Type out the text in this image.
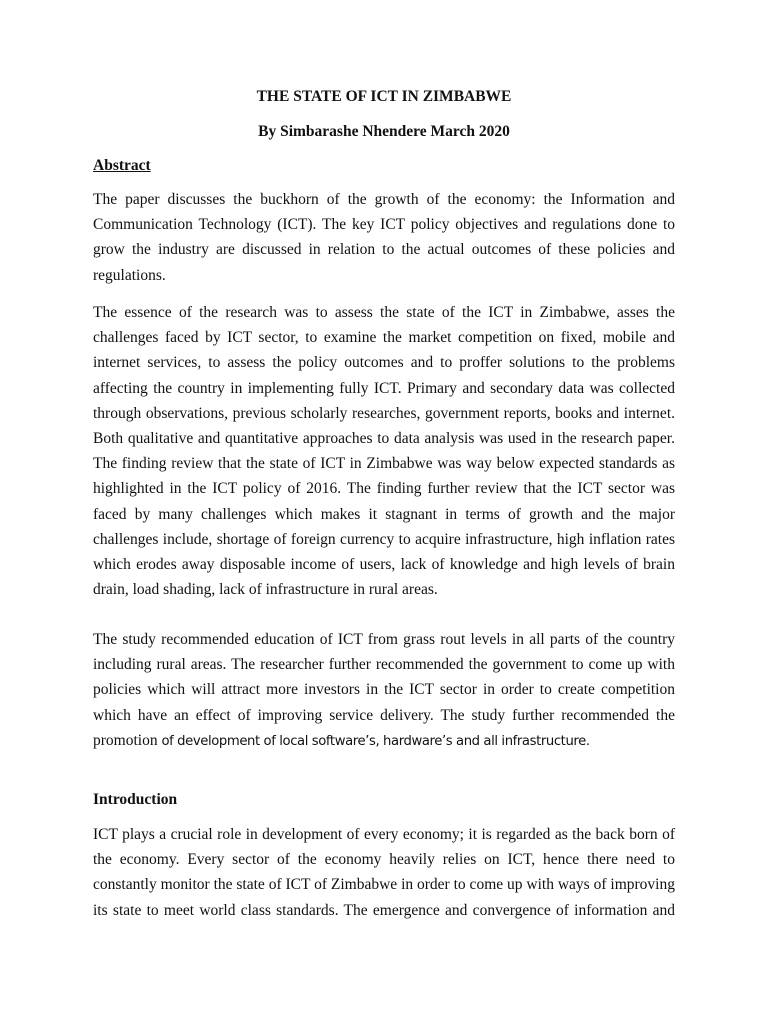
THE STATE OF ICT IN ZIMBABWE
By Simbarashe Nhendere March 2020
Abstract
The paper discusses the buckhorn of the growth of the economy: the Information and Communication Technology (ICT). The key ICT policy objectives and regulations done to grow the industry are discussed in relation to the actual outcomes of these policies and regulations.
The essence of the research was to assess the state of the ICT in Zimbabwe, asses the challenges faced by ICT sector, to examine the market competition on fixed, mobile and internet services, to assess the policy outcomes and to proffer solutions to the problems affecting the country in implementing fully ICT. Primary and secondary data was collected through observations, previous scholarly researches, government reports, books and internet. Both qualitative and quantitative approaches to data analysis was used in the research paper. The finding review that the state of ICT in Zimbabwe was way below expected standards as highlighted in the ICT policy of 2016. The finding further review that the ICT sector was faced by many challenges which makes it stagnant in terms of growth and the major challenges include, shortage of foreign currency to acquire infrastructure, high inflation rates which erodes away disposable income of users, lack of knowledge and high levels of brain drain, load shading, lack of infrastructure in rural areas.
The study recommended education of ICT from grass rout levels in all parts of the country including rural areas. The researcher further recommended the government to come up with policies which will attract more investors in the ICT sector in order to create competition which have an effect of improving service delivery. The study further recommended the promotion of development of local software’s, hardware’s and all infrastructure.
Introduction
ICT plays a crucial role in development of every economy; it is regarded as the back born of the economy. Every sector of the economy heavily relies on ICT, hence there need to constantly monitor the state of ICT of Zimbabwe in order to come up with ways of improving its state to meet world class standards. The emergence and convergence of information and
